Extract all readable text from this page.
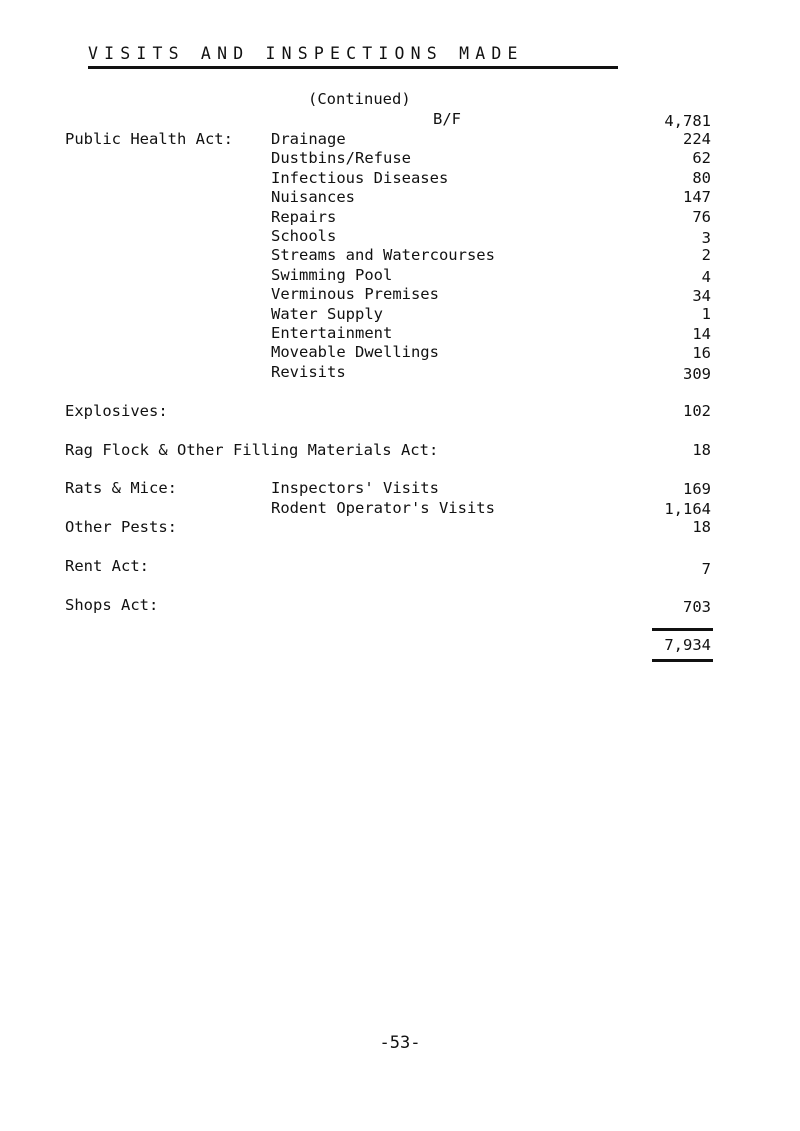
VISITS AND INSPECTIONS MADE
(Continued)
B/F	4,781
Public Health Act: Drainage	224
Dustbins/Refuse	62
Infectious Diseases	80
Nuisances	147
Repairs	76
Schools	3
Streams and Watercourses	2
Swimming Pool	4
Verminous Premises	34
Water Supply	1
Entertainment	14
Moveable Dwellings	16
Revisits	309
Explosives:	102
Rag Flock & Other Filling Materials Act:	18
Rats & Mice:	Inspectors' Visits	169
Rodent Operator's Visits	1,164
Other Pests:	18
Rent Act:	7
Shops Act:	703
7,934
-53-
